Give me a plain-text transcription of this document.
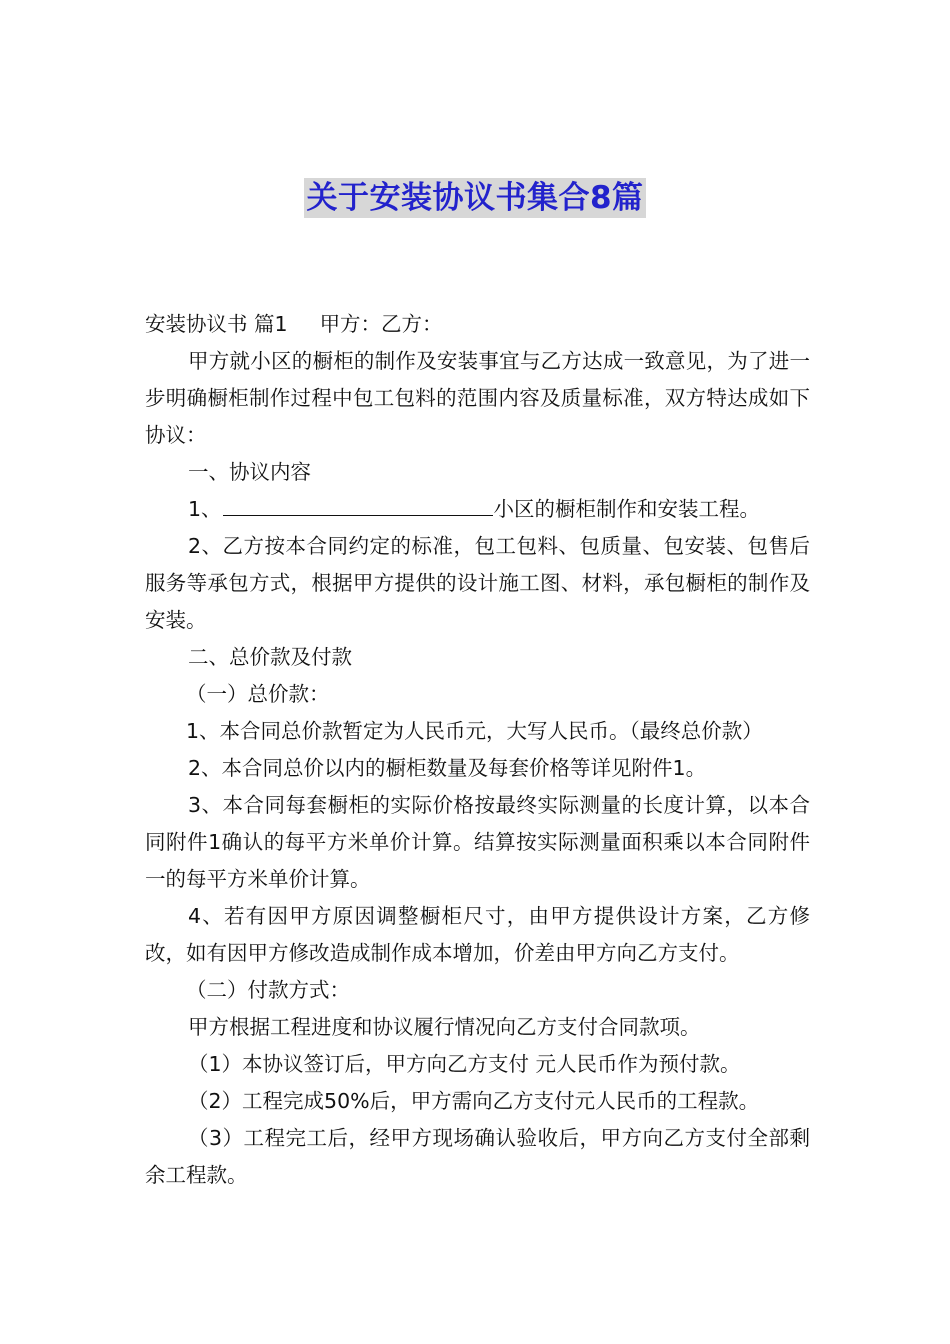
关于安装协议书集合8篇

安装协议书 篇1 甲方：乙方：

甲方就小区的橱柜的制作及安装事宜与乙方达成一致意见，为了进一步明确橱柜制作过程中包工包料的范围内容及质量标准，双方特达成如下协议：

一、协议内容

1、	小区的橱柜制作和安装工程。

2、乙方按本合同约定的标准，包工包料、包质量、包安装、包售后服务等承包方式，根据甲方提供的设计施工图、材料，承包橱柜的制作及安装。

二、总价款及付款

（一）总价款：

1、本合同总价款暂定为人民币元，大写人民币。（最终总价款）

2、本合同总价以内的橱柜数量及每套价格等详见附件1。

3、本合同每套橱柜的实际价格按最终实际测量的长度计算，以本合同附件1确认的每平方米单价计算。结算按实际测量面积乘以本合同附件一的每平方米单价计算。

4、若有因甲方原因调整橱柜尺寸，由甲方提供设计方案，乙方修改，如有因甲方修改造成制作成本增加，价差由甲方向乙方支付。

（二）付款方式：

甲方根据工程进度和协议履行情况向乙方支付合同款项。

（1）本协议签订后，甲方向乙方支付 元人民币作为预付款。

（2）工程完成50%后，甲方需向乙方支付元人民币的工程款。

（3）工程完工后，经甲方现场确认验收后，甲方向乙方支付全部剩余工程款。
